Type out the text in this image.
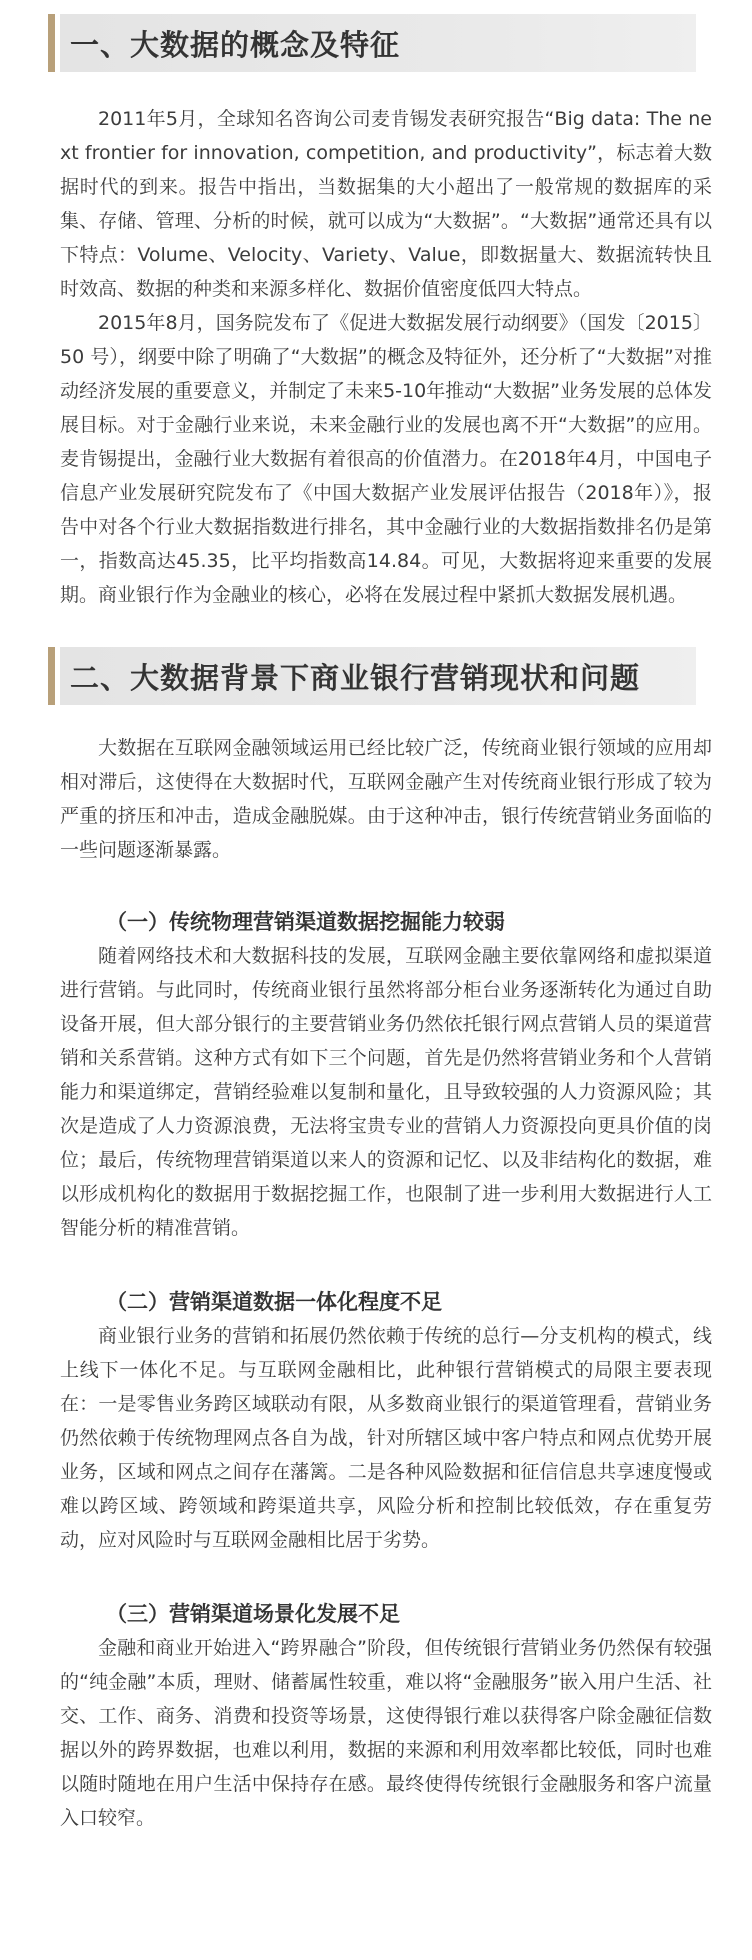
一、大数据的概念及特征

2011年5月，全球知名咨询公司麦肯锡发表研究报告“Big data: The next frontier for innovation, competition, and productivity”，标志着大数据时代的到来。报告中指出，当数据集的大小超出了一般常规的数据库的采集、存储、管理、分析的时候，就可以成为“大数据”。“大数据”通常还具有以下特点：Volume、Velocity、Variety、Value，即数据量大、数据流转快且时效高、数据的种类和来源多样化、数据价值密度低四大特点。

2015年8月，国务院发布了《促进大数据发展行动纲要》（国发〔2015〕50 号），纲要中除了明确了“大数据”的概念及特征外，还分析了“大数据”对推动经济发展的重要意义，并制定了未来5-10年推动“大数据”业务发展的总体发展目标。对于金融行业来说，未来金融行业的发展也离不开“大数据”的应用。麦肯锡提出，金融行业大数据有着很高的价值潜力。在2018年4月，中国电子信息产业发展研究院发布了《中国大数据产业发展评估报告（2018年）》，报告中对各个行业大数据指数进行排名，其中金融行业的大数据指数排名仍是第一，指数高达45.35，比平均指数高14.84。可见，大数据将迎来重要的发展期。商业银行作为金融业的核心，必将在发展过程中紧抓大数据发展机遇。

二、大数据背景下商业银行营销现状和问题

大数据在互联网金融领域运用已经比较广泛，传统商业银行领域的应用却相对滞后，这使得在大数据时代，互联网金融产生对传统商业银行形成了较为严重的挤压和冲击，造成金融脱媒。由于这种冲击，银行传统营销业务面临的一些问题逐渐暴露。

（一）传统物理营销渠道数据挖掘能力较弱

随着网络技术和大数据科技的发展，互联网金融主要依靠网络和虚拟渠道进行营销。与此同时，传统商业银行虽然将部分柜台业务逐渐转化为通过自助设备开展，但大部分银行的主要营销业务仍然依托银行网点营销人员的渠道营销和关系营销。这种方式有如下三个问题，首先是仍然将营销业务和个人营销能力和渠道绑定，营销经验难以复制和量化，且导致较强的人力资源风险；其次是造成了人力资源浪费，无法将宝贵专业的营销人力资源投向更具价值的岗位；最后，传统物理营销渠道以来人的资源和记忆、以及非结构化的数据，难以形成机构化的数据用于数据挖掘工作，也限制了进一步利用大数据进行人工智能分析的精准营销。

（二）营销渠道数据一体化程度不足

商业银行业务的营销和拓展仍然依赖于传统的总行—分支机构的模式，线上线下一体化不足。与互联网金融相比，此种银行营销模式的局限主要表现在：一是零售业务跨区域联动有限，从多数商业银行的渠道管理看，营销业务仍然依赖于传统物理网点各自为战，针对所辖区域中客户特点和网点优势开展业务，区域和网点之间存在藩篱。二是各种风险数据和征信信息共享速度慢或难以跨区域、跨领域和跨渠道共享，风险分析和控制比较低效，存在重复劳动，应对风险时与互联网金融相比居于劣势。

（三）营销渠道场景化发展不足

金融和商业开始进入“跨界融合”阶段，但传统银行营销业务仍然保有较强的“纯金融”本质，理财、储蓄属性较重，难以将“金融服务”嵌入用户生活、社交、工作、商务、消费和投资等场景，这使得银行难以获得客户除金融征信数据以外的跨界数据，也难以利用，数据的来源和利用效率都比较低，同时也难以随时随地在用户生活中保持存在感。最终使得传统银行金融服务和客户流量入口较窄。
